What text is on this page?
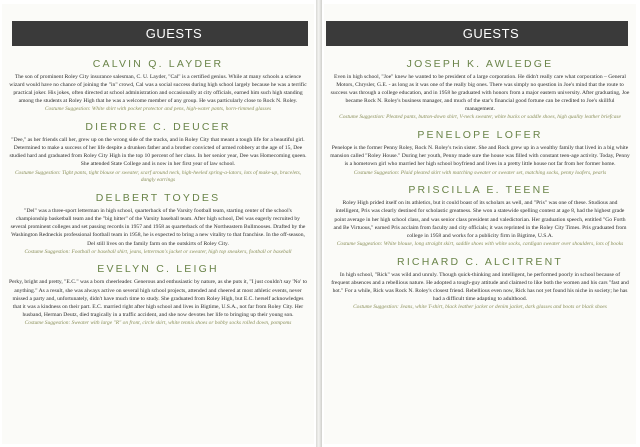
GUESTS
CALVIN Q. LAYDER

The son of prominent Roley City insurance salesman, C. U. Layder, "Cal" is a certified genius. While at many schools a science wizard would have no chance of joining the "in" crowd, Cal was a social success during high school largely because he was a terrific practical joker. His jokes, often directed at school administration and occasionally at city officials, earned him such high standing among the students at Roley High that he was a welcome member of any group. He was particularly close to Rock N. Roley.

Costume Suggestion: White shirt with pocket protector and pens, high-water pants, horn-rimmed glasses

DIERDRE C. DEUCER

"Dee," as her friends call her, grew up on the wrong side of the tracks, and in Roley City that meant a tough life for a beautiful girl. Determined to make a success of her life despite a drunken father and a brother convicted of armed robbery at the age of 15, Dee studied hard and graduated from Roley City High in the top 10 percent of her class. In her senior year, Dee was Homecoming queen. She attended State College and is now in her first year of law school.

Costume Suggestion: Tight pants, tight blouse or sweater, scarf around neck, high-heeled spring-a-lators, lots of make-up, bracelets, dangly earrings

DELBERT TOYDES

"Del" was a three-sport letterman in high school, quarterback of the Varsity football team, starting center of the school's championship basketball team and the "big hitter" of the Varsity baseball team. After high school, Del was eagerly recruited by several prominent colleges and set passing records in 1957 and 1958 as quarterback of the Northeastern Bullmooses. Drafted by the Washington Redneckis professional football team in 1958, he is expected to bring a new vitality to that franchise. In the off-season, Del still lives on the family farm on the outskirts of Roley City.

Costume Suggestion: Football or baseball shirt, jeans, letterman's jacket or sweater, high top sneakers, football or baseball

EVELYN C. LEIGH

Perky, bright and pretty, "E.C." was a born cheerleader. Generous and enthusiastic by nature, as she puts it, "I just couldn't say 'No' to anything." As a result, she was always active on several high school projects, attended and cheered at most athletic events, never missed a party and, unfortunately, didn't have much time to study. She graduated from Roley High, but E.C. herself acknowledges that it was a kindness on their part. E.C. married right after high school and lives in Bigtime, U.S.A., not far from Roley City. Her husband, Herman Deutz, died tragically in a traffic accident, and she now devotes her life to bringing up their young son.

Costume Suggestion: Sweater with large "R" on front, circle skirt, white tennis shoes or bobby socks rolled down, pompoms

GUESTS
JOSEPH K. AWLEDGE

Even in high school, "Joe" knew he wanted to be president of a large corporation. He didn't really care what corporation – General Motors, Chrysler, G.E. - as long as it was one of the really big ones. There was simply no question in Joe's mind that the route to success was through a college education, and in 1958 he graduated with honors from a major eastern university. After graduating, Joe became Rock N. Roley's business manager, and much of the star's financial good fortune can be credited to Joe's skillful management.

Costume Suggestion: Pleated pants, button-down shirt, V-neck sweater, white bucks or saddle shoes, high quality leather briefcase

PENELOPE LOFER

Penelope is the former Penny Roley, Rock N. Roley's twin sister. She and Rock grew up in a wealthy family that lived in a big white mansion called "Roley House." During her youth, Penny made sure the house was filled with constant teen-age activity. Today, Penny is a hometown girl who married her high school boyfriend and lives in a pretty little house not far from her former home.

Costume Suggestion: Plaid pleated skirt with matching sweater or sweater set, matching socks, penny loafers, pearls

PRISCILLA E. TEENE

Roley High prided itself on its athletics, but it could boast of its scholars as well, and "Pris" was one of these. Studious and intelligent, Pris was clearly destined for scholastic greatness. She won a statewide spelling contest at age 8, had the highest grade point average in her high school class, and was senior class president and valedictorian. Her graduation speech, entitled "Go Forth and Be Virtuous," earned Pris acclaim from faculty and city officials; it was reprinted in the Roley City Times. Pris graduated from college in 1958 and works for a publicity firm in Bigtime, U.S.A.

Costume Suggestion: White blouse, long straight skirt, saddle shoes with white socks, cardigan sweater over shoulders, lots of books

RICHARD C. ALCITRENT

In high school, "Rick" was wild and unruly. Though quick-thinking and intelligent, he performed poorly in school because of frequent absences and a rebellious nature. He adopted a tough-guy attitude and claimed to like both the women and his cars "fast and hot." For a while, Rick was Rock N. Roley's closest friend. Rebellious even now, Rick has not yet found his niche in society; he has had a difficult time adapting to adulthood.

Costume Suggestion: Jeans, white T-shirt, black leather jacket or denim jacket, dark glasses and boots or black shoes
